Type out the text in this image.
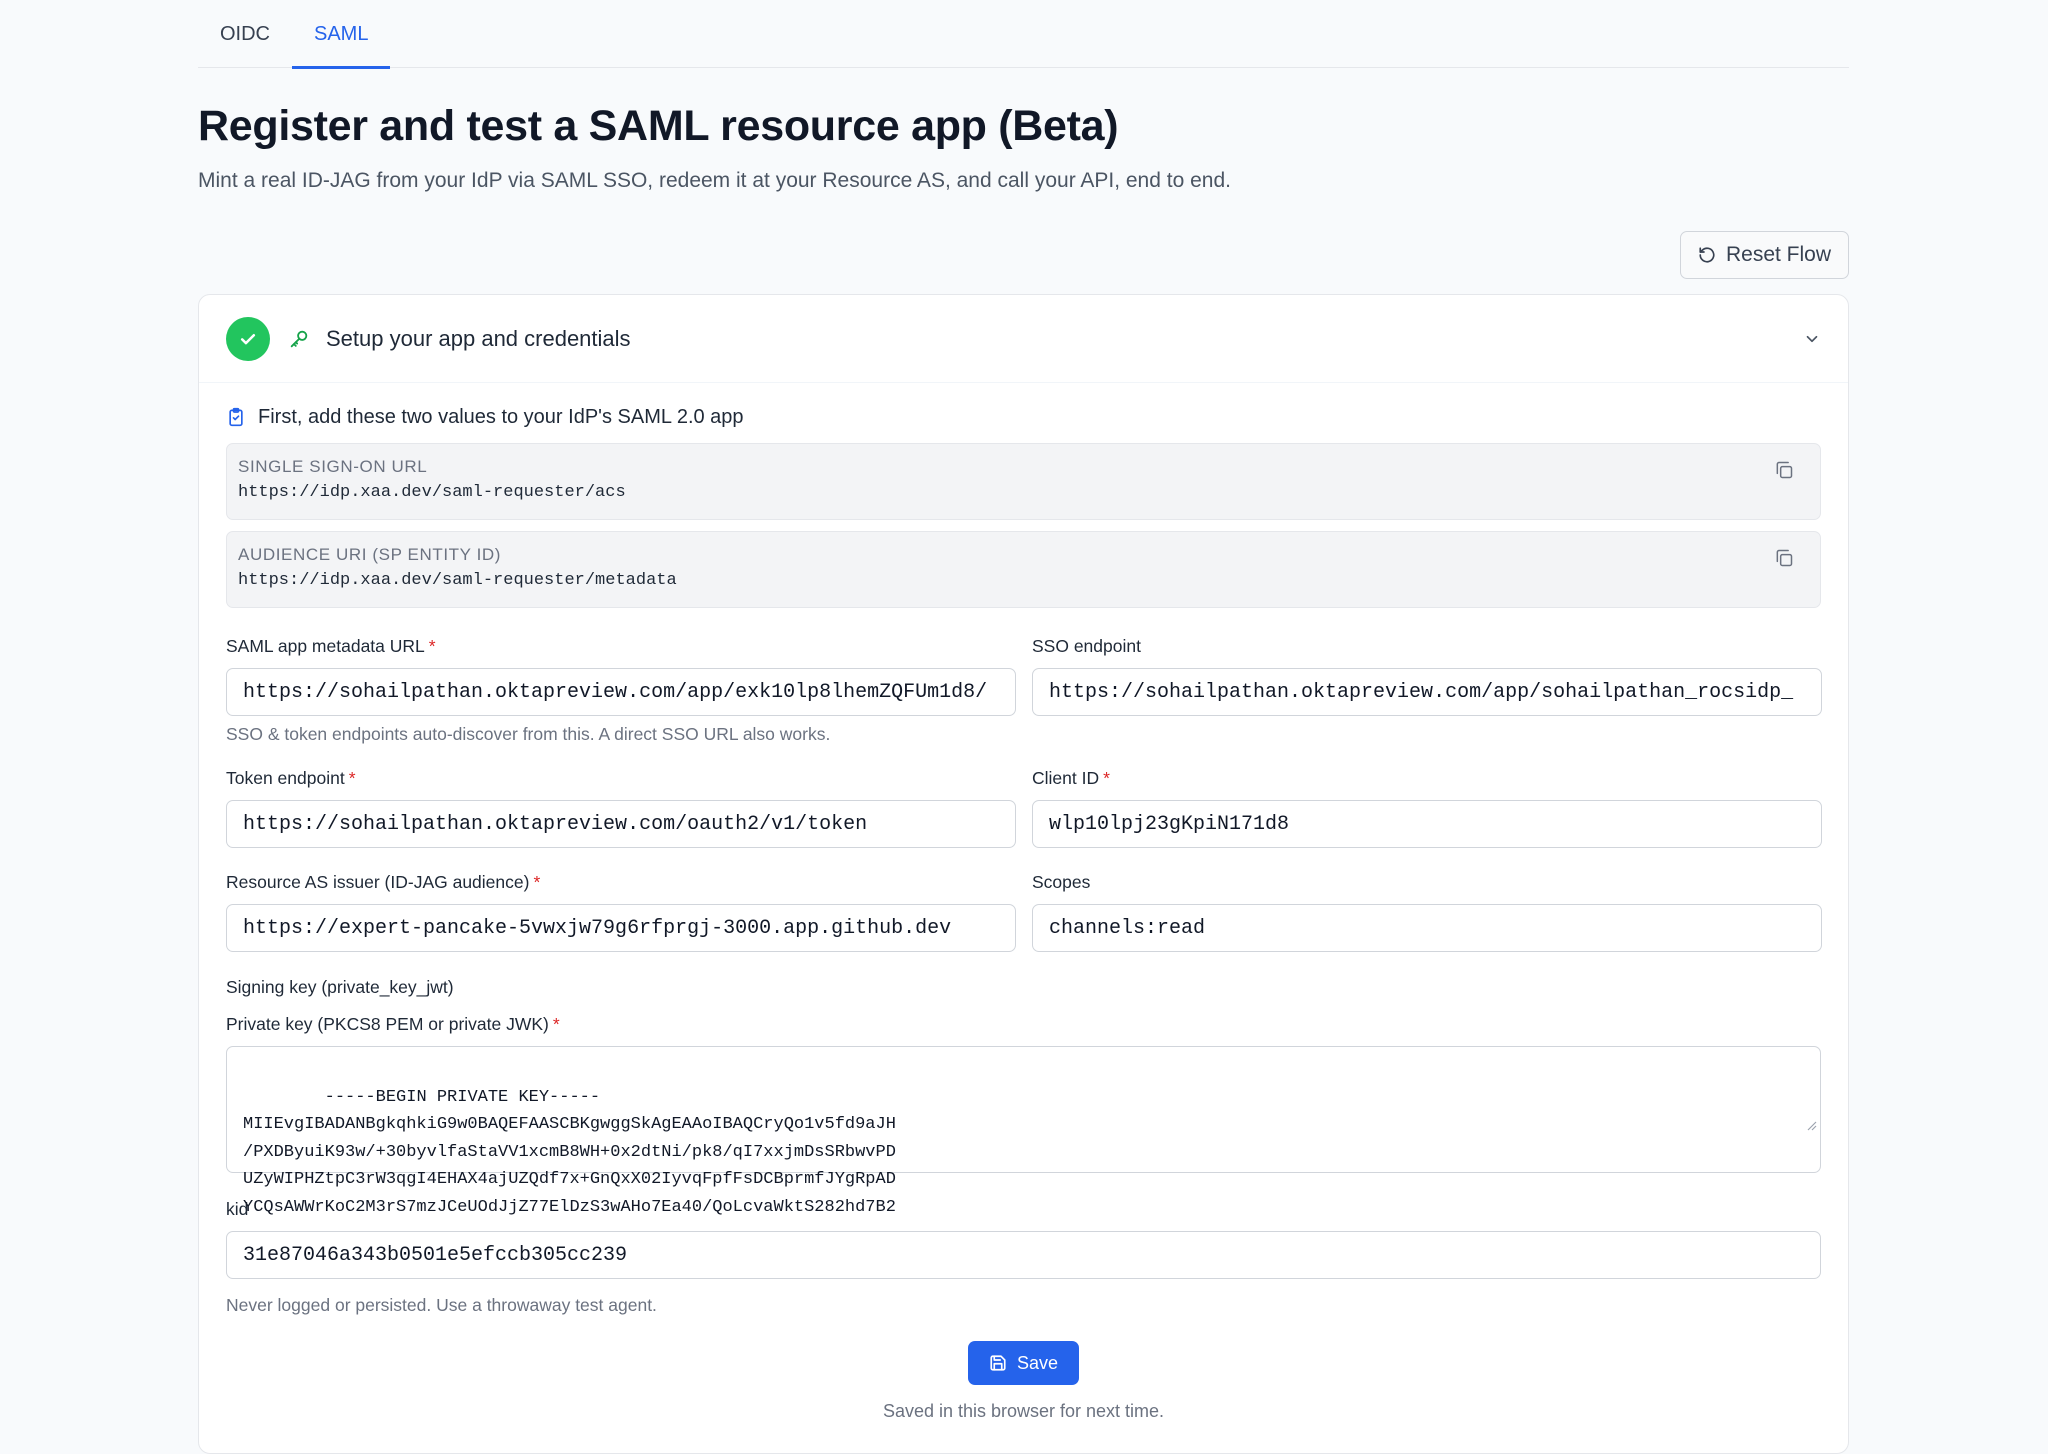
OIDC	SAML
Register and test a SAML resource app (Beta)

Mint a real ID-JAG from your IdP via SAML SSO, redeem it at your Resource AS, and call your API, end to end.

Reset Flow
Setup your app and credentials
First, add these two values to your IdP's SAML 2.0 app
SINGLE SIGN-ON URL
https://idp.xaa.dev/saml-requester/acs
AUDIENCE URI (SP ENTITY ID)
https://idp.xaa.dev/saml-requester/metadata
SAML app metadata URL *
https://sohailpathan.oktapreview.com/app/exk10lp8lhemZQFUm1d8/
SSO & token endpoints auto-discover from this. A direct SSO URL also works.
SSO endpoint
https://sohailpathan.oktapreview.com/app/sohailpathan_rocsidp_
Token endpoint *
https://sohailpathan.oktapreview.com/oauth2/v1/token
Client ID *
wlp10lpj23gKpiN171d8
Resource AS issuer (ID-JAG audience) *
https://expert-pancake-5vwxjw79g6rfprgj-3000.app.github.dev
Scopes
channels:read
Signing key (private_key_jwt)
Private key (PKCS8 PEM or private JWK) *

-----BEGIN PRIVATE KEY-----
MIIEvgIBADANBgkqhkiG9w0BAQEFAASCBKgwggSkAgEAAoIBAQCryQo1v5fd9aJH
/PXDByuiK93w/+30byvlfaStaVV1xcmB8WH+0x2dtNi/pk8/qI7xxjmDsSRbwvPD
UZyWIPHZtpC3rW3qgI4EHAX4ajUZQdf7x+GnQxX02IyvqFpfFsDCBprmfJYgRpAD
YCQsAWWrKoC2M3rS7mzJCeUOdJjZ77ElDzS3wAHo7Ea40/QoLcvaWktS282hd7B2

kid
31e87046a343b0501e5efccb305cc239
Never logged or persisted. Use a throwaway test agent.
Save
Saved in this browser for next time.
